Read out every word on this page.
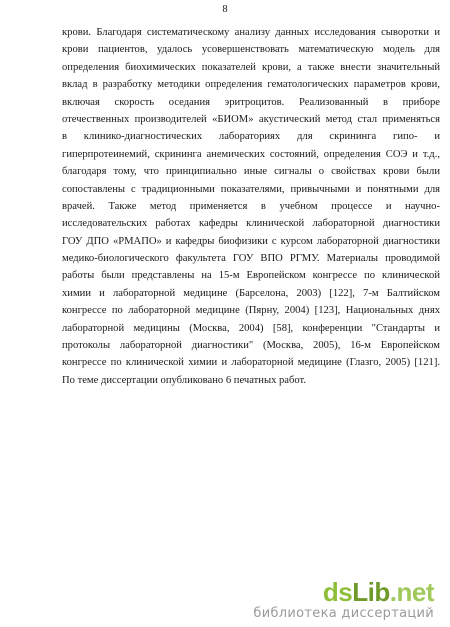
8
крови. Благодаря систематическому анализу данных исследования сыворотки и
крови пациентов, удалось усовершенствовать математическую модель для
определения биохимических показателей крови, а также внести значительный
вклад в разработку методики определения гематологических параметров крови,
включая скорость оседания эритроцитов. Реализованный в приборе
отечественных производителей «БИОМ» акустический метод стал применяться
в клинико-диагностических лабораториях для скрининга гипо- и
гиперпротеинемий, скрининга анемических состояний, определения СОЭ и т.д.,
благодаря тому, что принципиально иные сигналы о свойствах крови были
сопоставлены с традиционными показателями, привычными и понятными для
врачей. Также метод применяется в учебном процессе и научно-
исследовательских работах кафедры клинической лабораторной диагностики
ГОУ ДПО «РМАПО» и кафедры биофизики с курсом лабораторной диагностики
медико-биологического факультета ГОУ ВПО РГМУ. Материалы проводимой
работы были представлены на 15-м Европейском конгрессе по клинической
химии и лабораторной медицине (Барселона, 2003) [122], 7-м Балтийском
конгрессе по лабораторной медицине (Пярну, 2004) [123], Национальных днях
лабораторной медицины (Москва, 2004) [58], конференции "Стандарты и
протоколы лабораторной диагностики" (Москва, 2005), 16-м Европейском
конгрессе по клинической химии и лабораторной медицине (Глазго, 2005) [121].
По теме диссертации опубликовано 6 печатных работ.
dsLib.net
библиотека диссертаций
